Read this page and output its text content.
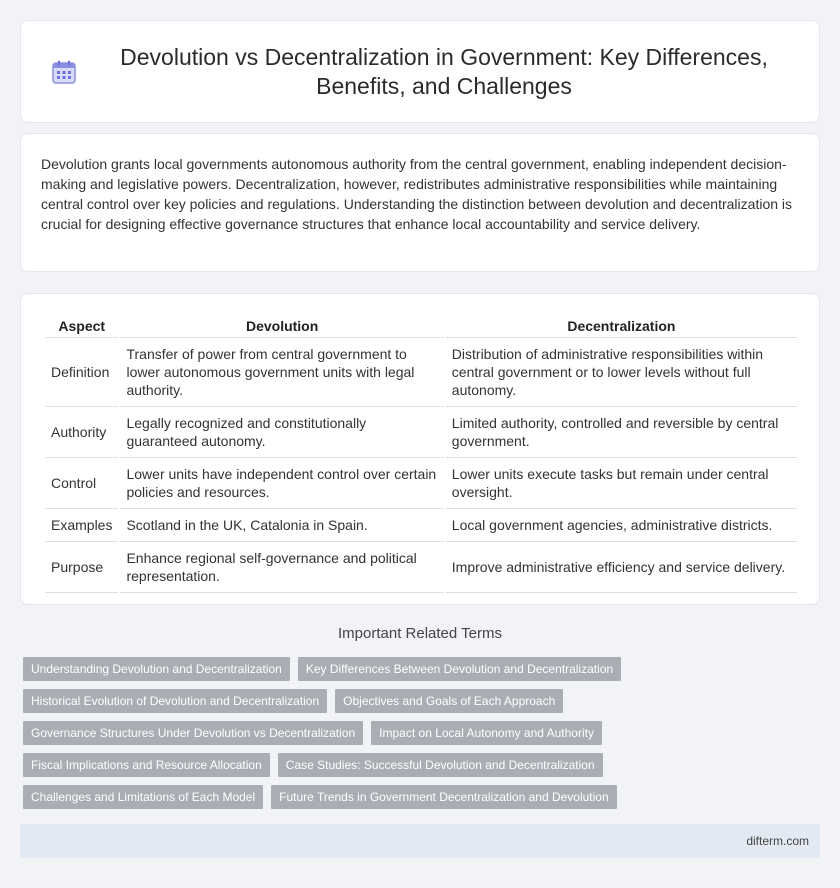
Devolution vs Decentralization in Government: Key Differences, Benefits, and Challenges

Devolution grants local governments autonomous authority from the central government, enabling independent decision-making and legislative powers. Decentralization, however, redistributes administrative responsibilities while maintaining central control over key policies and regulations. Understanding the distinction between devolution and decentralization is crucial for designing effective governance structures that enhance local accountability and service delivery.

Aspect	Devolution	Decentralization
Definition	Transfer of power from central government to lower autonomous government units with legal authority.	Distribution of administrative responsibilities within central government or to lower levels without full autonomy.
Authority	Legally recognized and constitutionally guaranteed autonomy.	Limited authority, controlled and reversible by central government.
Control	Lower units have independent control over certain policies and resources.	Lower units execute tasks but remain under central oversight.
Examples	Scotland in the UK, Catalonia in Spain.	Local government agencies, administrative districts.
Purpose	Enhance regional self-governance and political representation.	Improve administrative efficiency and service delivery.
Important Related Terms
Understanding Devolution and Decentralization	Key Differences Between Devolution and Decentralization
Historical Evolution of Devolution and Decentralization	Objectives and Goals of Each Approach
Governance Structures Under Devolution vs Decentralization	Impact on Local Autonomy and Authority
Fiscal Implications and Resource Allocation	Case Studies: Successful Devolution and Decentralization
Challenges and Limitations of Each Model	Future Trends in Government Decentralization and Devolution
difterm.com
